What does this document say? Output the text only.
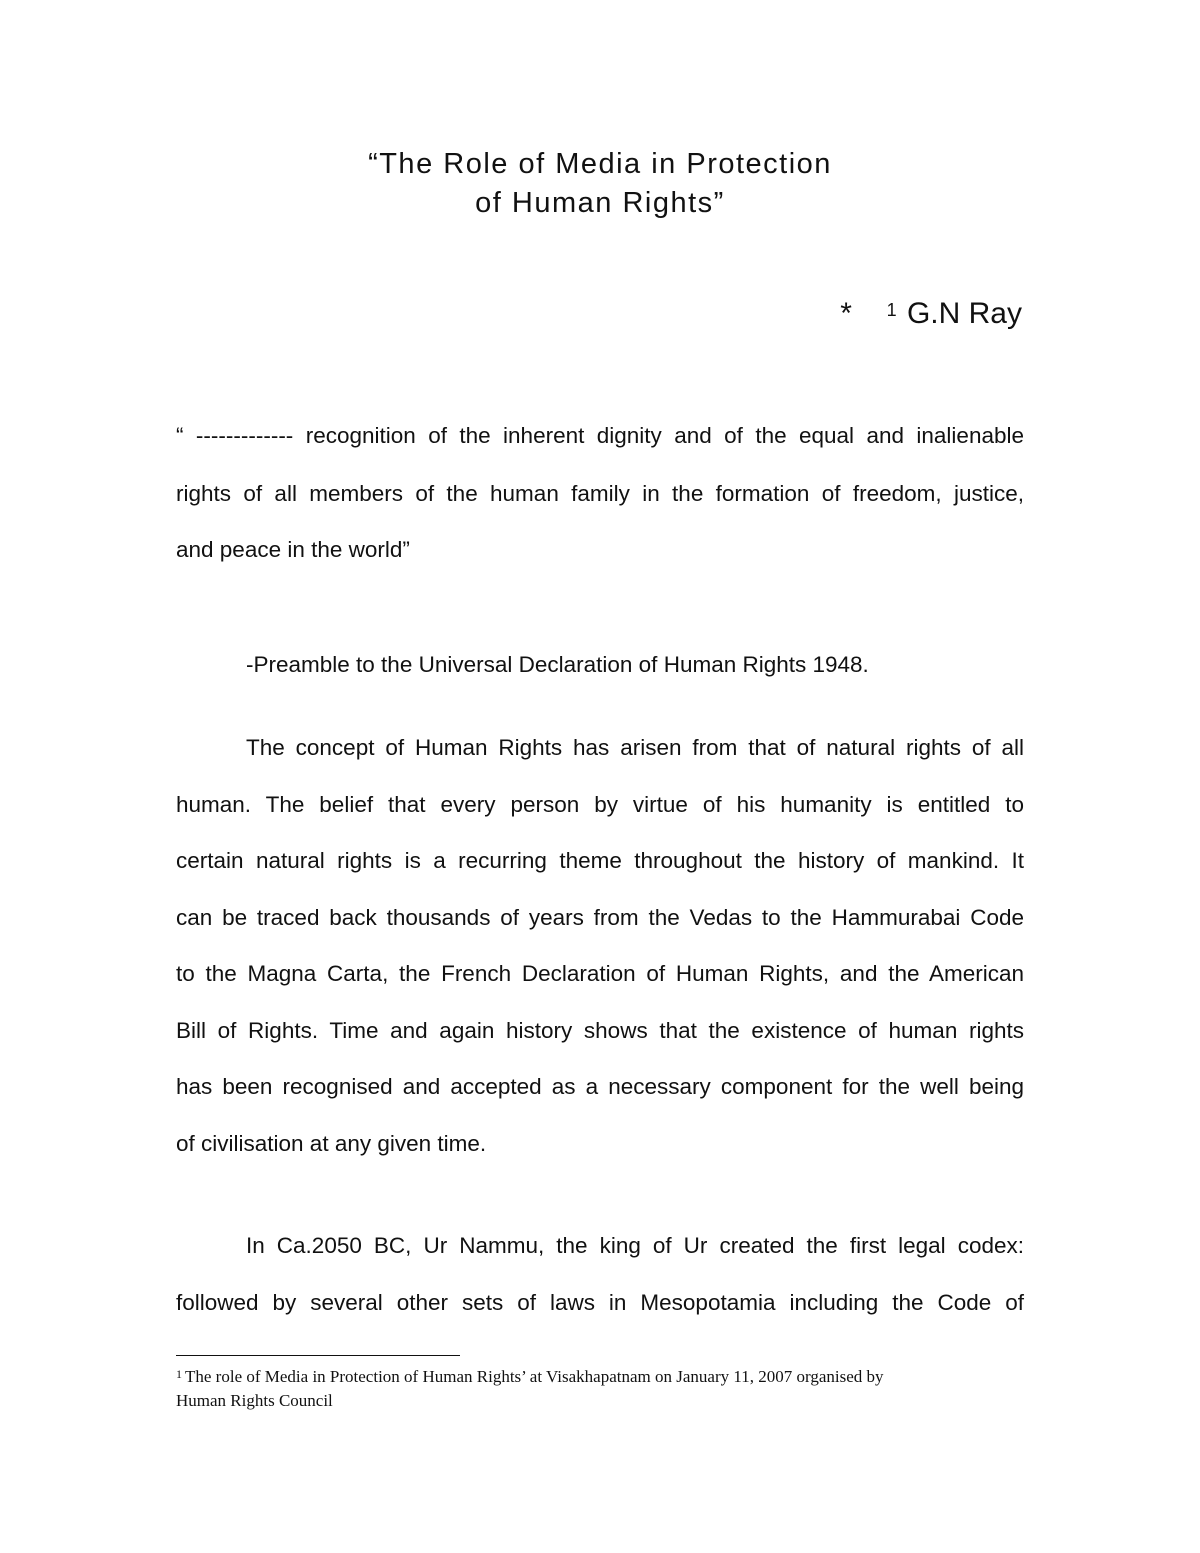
“The Role of Media in Protection
of Human Rights”
* $^1$ G.N Ray
“ ------------- recognition of the inherent dignity and of the equal and inalienable
rights of all members of the human family in the formation of freedom, justice,
and peace in the world”
-Preamble to the Universal Declaration of Human Rights 1948.
The concept of Human Rights has arisen from that of natural rights of all
human. The belief that every person by virtue of his humanity is entitled to
certain natural rights is a recurring theme throughout the history of mankind. It
can be traced back thousands of years from the Vedas to the Hammurabai Code
to the Magna Carta, the French Declaration of Human Rights, and the American
Bill of Rights. Time and again history shows that the existence of human rights
has been recognised and accepted as a necessary component for the well being
of civilisation at any given time.
In Ca.2050 BC, Ur Nammu, the king of Ur created the first legal codex:
followed by several other sets of laws in Mesopotamia including the Code of
$^1$ The role of Media in Protection of Human Rights’ at Visakhapatnam on January 11, 2007 organised by
Human Rights Council
